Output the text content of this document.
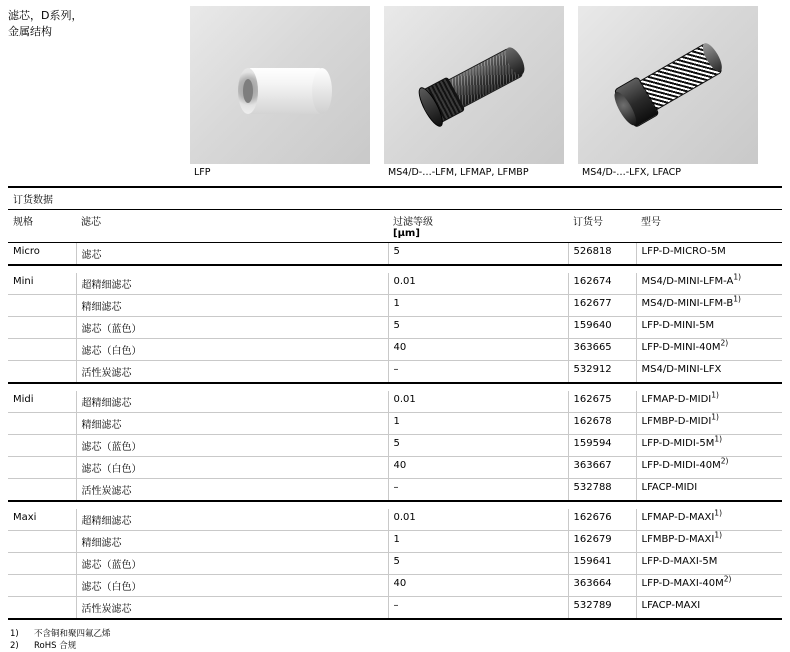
滤芯，D系列，
金属结构
LFP	MS4/D-…-LFM, LFMAP, LFMBP	MS4/D-…-LFX, LFACP
订货数据				
规格	滤芯	过滤等级
[µm]	订货号	型号
Micro	滤芯	5	526818	LFP-D-MICRO-5M

Mini	超精细滤芯	0.01	162674	$MS4/D-MINI-LFM-A^{1)}$
	精细滤芯	1	162677	$MS4/D-MINI-LFM-B^{1)}$
	滤芯（蓝色）	5	159640	LFP-D-MINI-5M
	滤芯（白色）	40	363665	LFP-$D-MINI-40M^{2)}$
	活性炭滤芯	–	532912	MS4/D-MINI-LFX

Midi	超精细滤芯	0.01	162675	LFMAP-D-MIDI$^{1)}$
	精细滤芯	1	162678	LFMBP-D-MIDI$^{1)}$
	滤芯（蓝色）	5	159594	LFP-$D-MIDI-5M^{1)}$
	滤芯（白色）	40	363667	LFP-$D-MIDI-40M^{2)}$
	活性炭滤芯	–	532788	LFACP-MIDI

Maxi	超精细滤芯	0.01	162676	LFMAP-D-MAXI$^{1)}$
	精细滤芯	1	162679	LFMBP-D-MAXI$^{1)}$
	滤芯（蓝色）	5	159641	LFP-D-MAXI-5M
	滤芯（白色）	40	363664	LFP-$D-MAXI-40M^{2)}$
	活性炭滤芯	–	532789	LFACP-MAXI
1)	不含铜和聚四氟乙烯
2)	RoHS 合规
